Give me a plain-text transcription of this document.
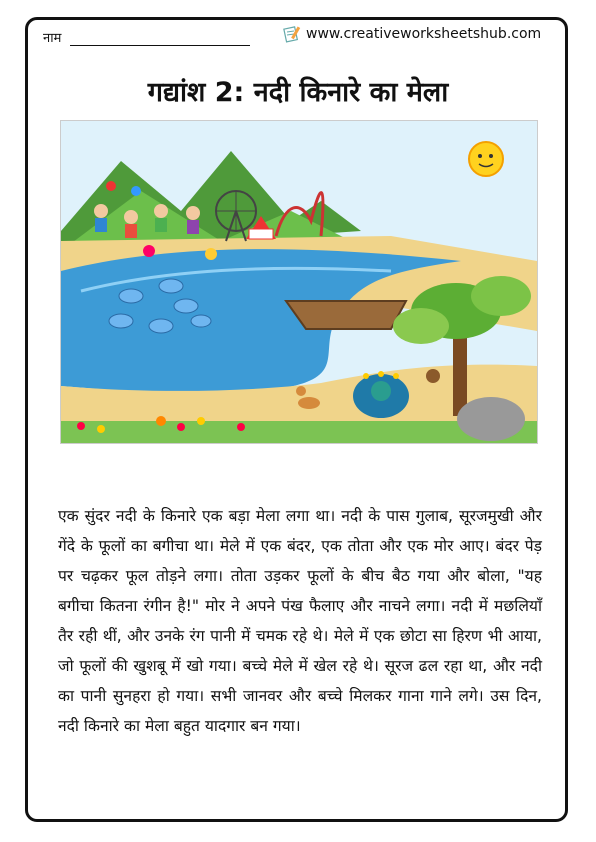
नाम	www.creativeworksheetshub.com
गद्यांश 2: नदी किनारे का मेला

एक सुंदर नदी के किनारे एक बड़ा मेला लगा था। नदी के पास गुलाब, सूरजमुखी और गेंदे के फूलों का बगीचा था। मेले में एक बंदर, एक तोता और एक मोर आए। बंदर पेड़ पर चढ़कर फूल तोड़ने लगा। तोता उड़कर फूलों के बीच बैठ गया और बोला, "यह बगीचा कितना रंगीन है!" मोर ने अपने पंख फैलाए और नाचने लगा। नदी में मछलियाँ तैर रही थीं, और उनके रंग पानी में चमक रहे थे। मेले में एक छोटा सा हिरण भी आया, जो फूलों की खुशबू में खो गया। बच्चे मेले में खेल रहे थे। सूरज ढल रहा था, और नदी का पानी सुनहरा हो गया। सभी जानवर और बच्चे मिलकर गाना गाने लगे। उस दिन, नदी किनारे का मेला बहुत यादगार बन गया।
